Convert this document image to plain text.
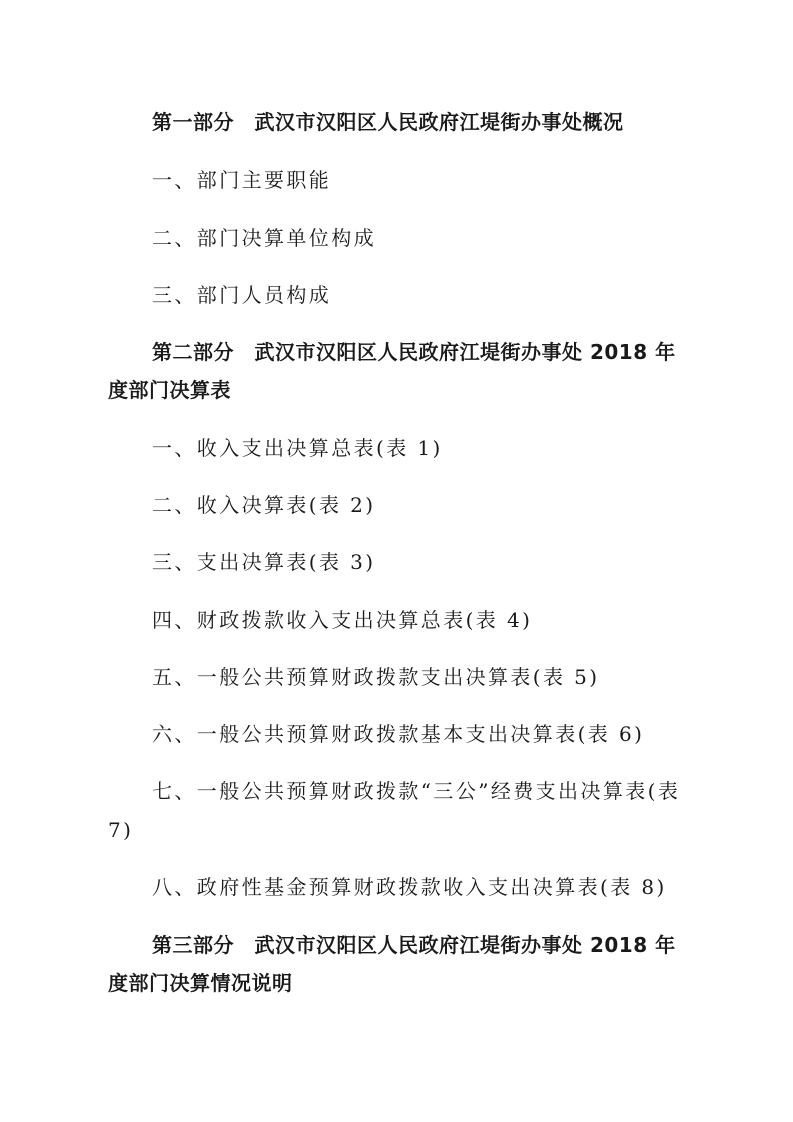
第一部分　武汉市汉阳区人民政府江堤街办事处概况

一、部门主要职能

二、部门决算单位构成

三、部门人员构成

第二部分　武汉市汉阳区人民政府江堤街办事处 2018 年

度部门决算表

一、收入支出决算总表(表 1)

二、收入决算表(表 2)

三、支出决算表(表 3)

四、财政拨款收入支出决算总表(表 4)

五、一般公共预算财政拨款支出决算表(表 5)

六、一般公共预算财政拨款基本支出决算表(表 6)

七、一般公共预算财政拨款“三公”经费支出决算表(表

7)

八、政府性基金预算财政拨款收入支出决算表(表 8)

第三部分　武汉市汉阳区人民政府江堤街办事处 2018 年

度部门决算情况说明
